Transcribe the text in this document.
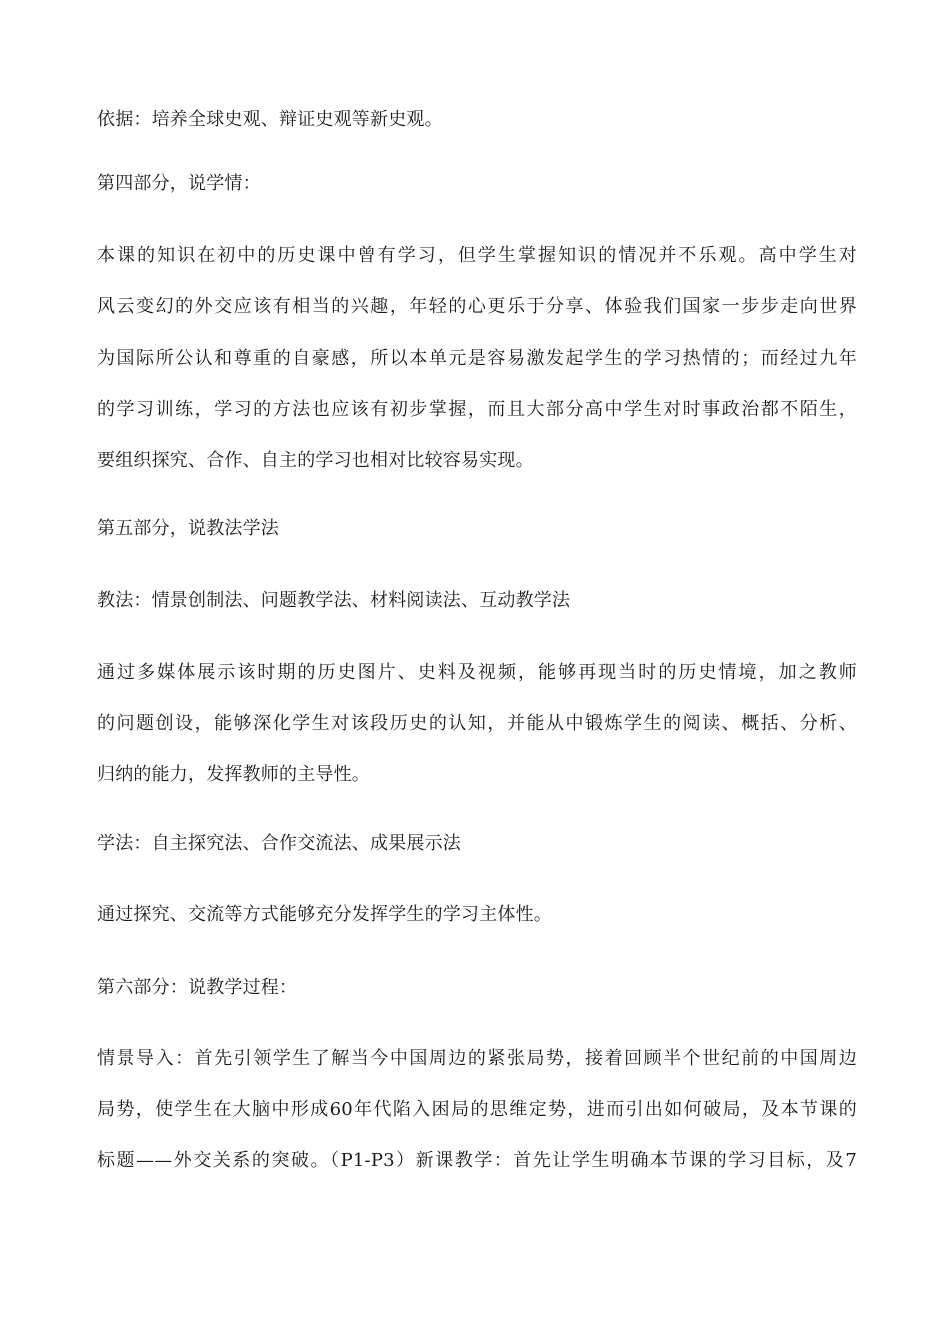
依据：培养全球史观、辩证史观等新史观。
第四部分，说学情：
本课的知识在初中的历史课中曾有学习，但学生掌握知识的情况并不乐观。高中学生对
风云变幻的外交应该有相当的兴趣，年轻的心更乐于分享、体验我们国家一步步走向世界
为国际所公认和尊重的自豪感，所以本单元是容易激发起学生的学习热情的；而经过九年
的学习训练，学习的方法也应该有初步掌握，而且大部分高中学生对时事政治都不陌生，
要组织探究、合作、自主的学习也相对比较容易实现。
第五部分，说教法学法
教法：情景创制法、问题教学法、材料阅读法、互动教学法
通过多媒体展示该时期的历史图片、史料及视频，能够再现当时的历史情境，加之教师
的问题创设，能够深化学生对该段历史的认知，并能从中锻炼学生的阅读、概括、分析、
归纳的能力，发挥教师的主导性。
学法：自主探究法、合作交流法、成果展示法
通过探究、交流等方式能够充分发挥学生的学习主体性。
第六部分：说教学过程：
情景导入：首先引领学生了解当今中国周边的紧张局势，接着回顾半个世纪前的中国周边
局势，使学生在大脑中形成60年代陷入困局的思维定势，进而引出如何破局，及本节课的
标题——外交关系的突破。（P1-P3）新课教学：首先让学生明确本节课的学习目标，及7
